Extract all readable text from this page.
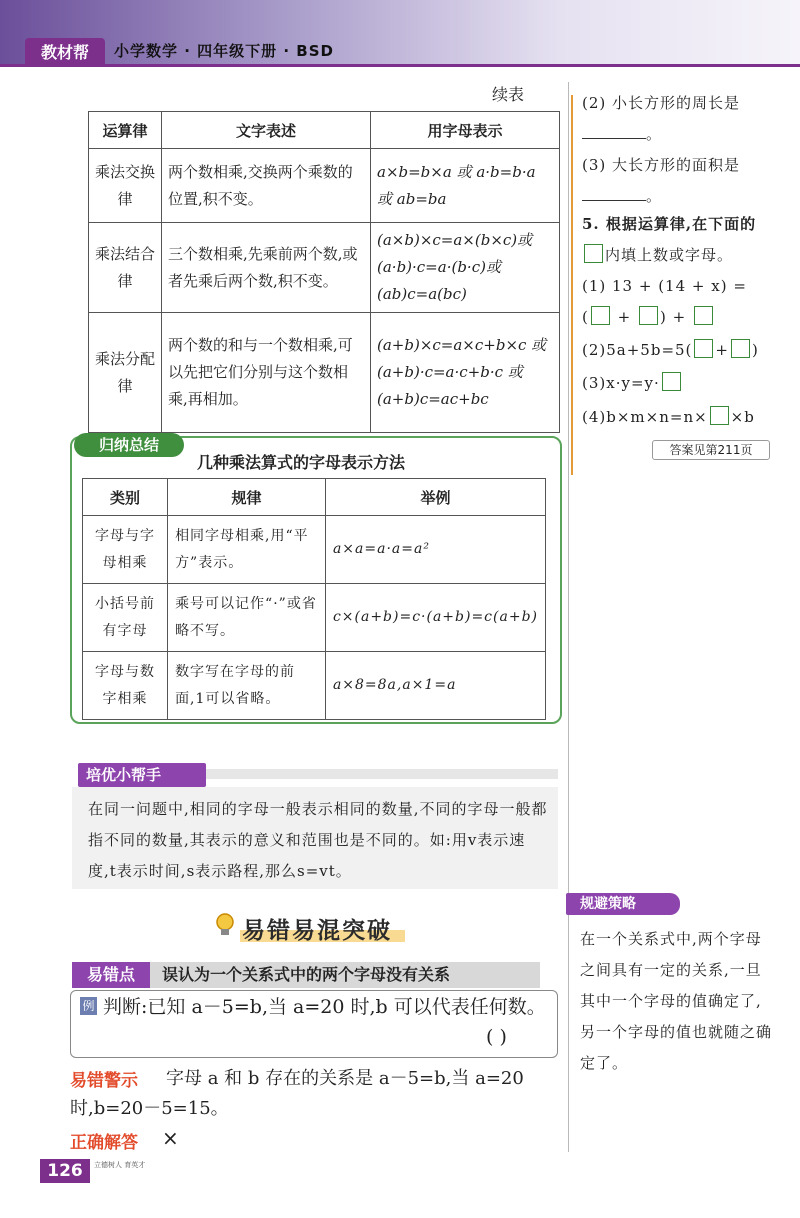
教材帮	小学数学 · 四年级下册 · BSD
续表
运算律	文字表述	用字母表示
乘法交换律	两个数相乘,交换两个乘数的位置,积不变。	a×b=b×a 或 a·b=b·a 或 ab=ba
乘法结合律	三个数相乘,先乘前两个数,或者先乘后两个数,积不变。	(a×b)×c=a×(b×c)或(a·b)·c=a·(b·c)或(ab)c=a(bc)
乘法分配律	两个数的和与一个数相乘,可以先把它们分别与这个数相乘,再相加。	(a+b)×c=a×c+b×c 或(a+b)·c=a·c+b·c 或(a+b)c=ac+bc
归纳总结
几种乘法算式的字母表示方法
类别	规律	举例
字母与字母相乘	相同字母相乘,用“平方”表示。	a×a=a·a=a²
小括号前有字母	乘号可以记作“·”或省略不写。	c×(a+b)=c·(a+b)=c(a+b)
字母与数字相乘	数字写在字母的前面,1可以省略。	a×8=8a,a×1=a
培优小帮手
在同一问题中,相同的字母一般表示相同的数量,不同的字母一般都指不同的数量,其表示的意义和范围也是不同的。如:用v表示速度,t表示时间,s表示路程,那么s=vt。
易错易混突破
易错点	误认为一个关系式中的两个字母没有关系
例 判断:已知 a－5=b,当 a=20 时,b 可以代表任何数。
( )
易错警示 字母 a 和 b 存在的关系是 a－5=b,当 a=20
时,b=20－5=15。
正确解答 ×
126	立德树人 育英才
(2) 小长方形的周长是。
(3) 大长方形的面积是。
5. 根据运算律,在下面的
内填上数或字母。
(1) 13 + (14 + x) =
( + ) +
(2)5a+5b=5( + )
(3)x·y=y·
(4)b×m×n=n× ×b
答案见第211页
规避策略
在一个关系式中,两个字母之间具有一定的关系,一旦其中一个字母的值确定了,另一个字母的值也就随之确定了。
